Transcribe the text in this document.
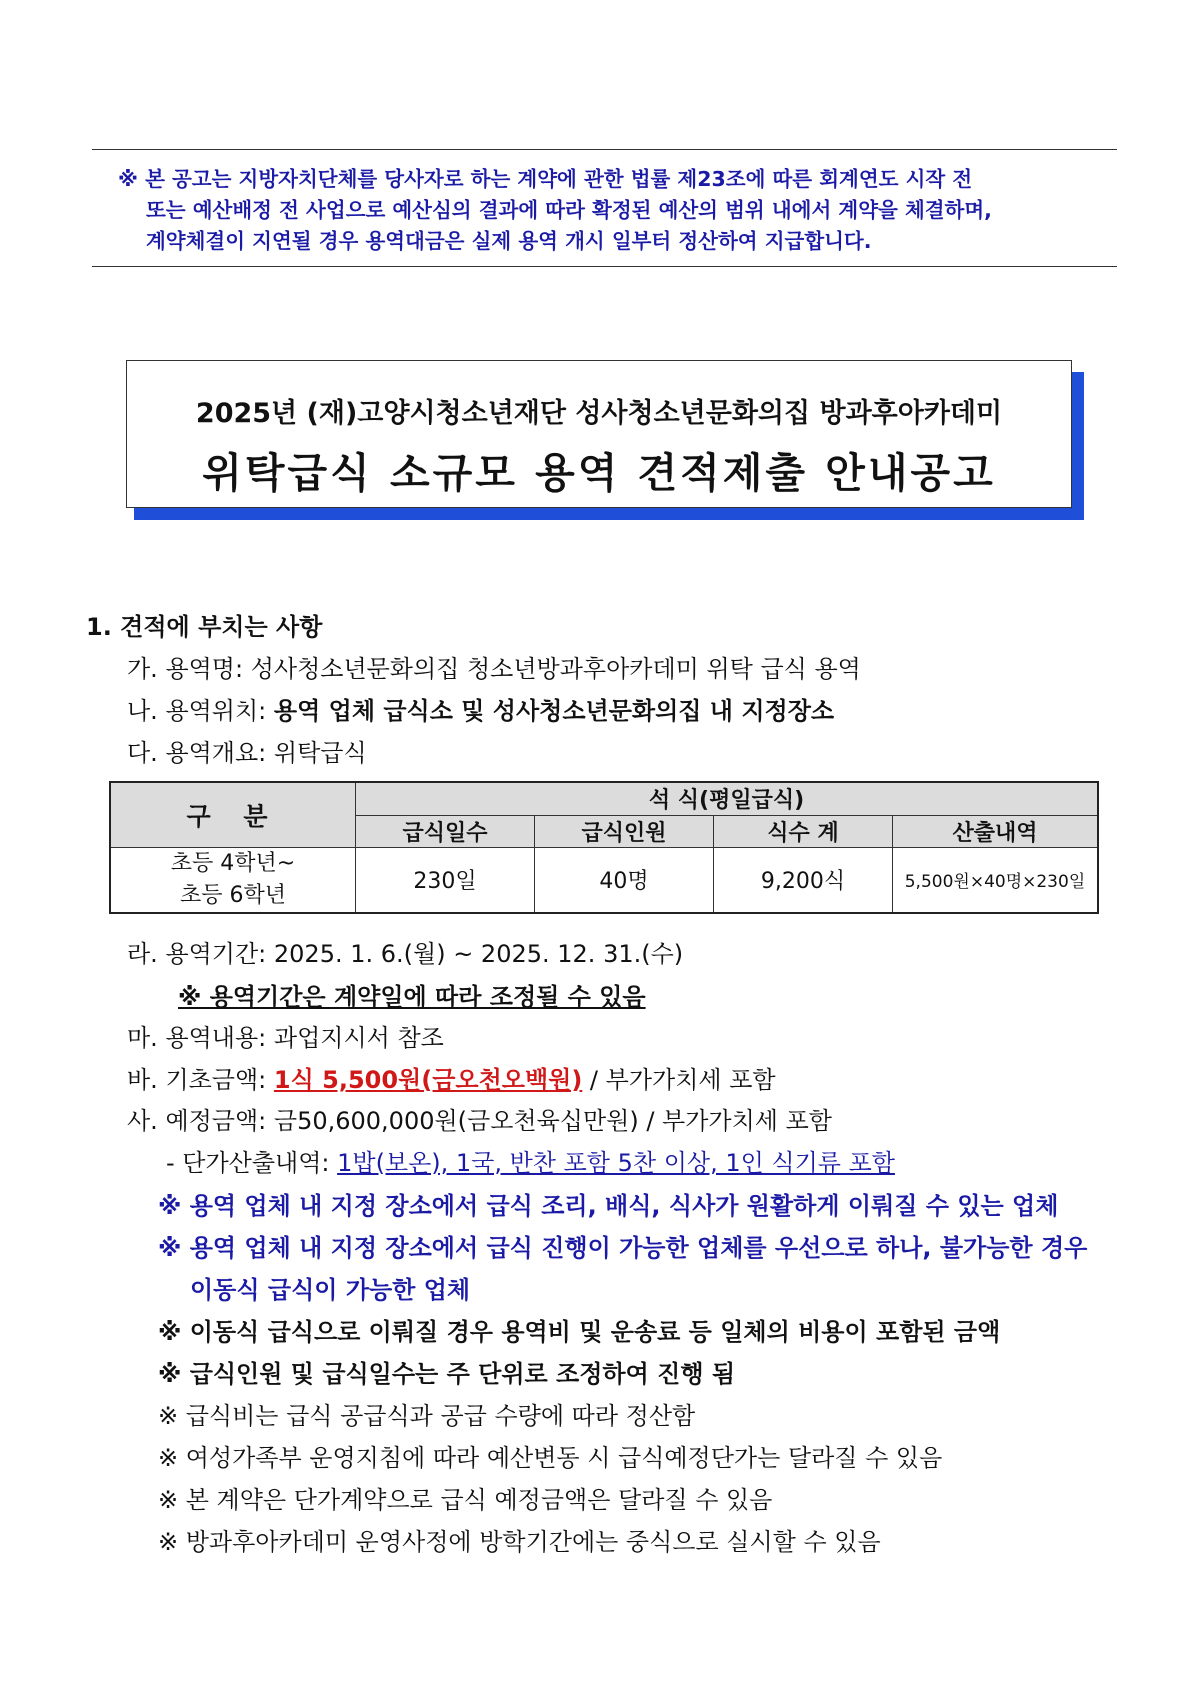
※ 본 공고는 지방자치단체를 당사자로 하는 계약에 관한 법률 제23조에 따른 회계연도 시작 전
또는 예산배정 전 사업으로 예산심의 결과에 따라 확정된 예산의 범위 내에서 계약을 체결하며,
계약체결이 지연될 경우 용역대금은 실제 용역 개시 일부터 정산하여 지급합니다.
2025년 (재)고양시청소년재단 성사청소년문화의집 방과후아카데미
위탁급식 소규모 용역 견적제출 안내공고
1. 견적에 부치는 사항
가. 용역명: 성사청소년문화의집 청소년방과후아카데미 위탁 급식 용역
나. 용역위치: 용역 업체 급식소 및 성사청소년문화의집 내 지정장소
다. 용역개요: 위탁급식
구 분	석 식(평일급식)			
	급식일수	급식인원	식수 계	산출내역

초등 4학년~
초등 6학년	230일	40명	9,200식	5,500원×40명×230일
라. 용역기간: 2025. 1. 6.(월) ~ 2025. 12. 31.(수)
※ 용역기간은 계약일에 따라 조정될 수 있음
마. 용역내용: 과업지시서 참조
바. 기초금액: 1식 5,500원(금오천오백원) / 부가가치세 포함
사. 예정금액: 금50,600,000원(금오천육십만원) / 부가가치세 포함
- 단가산출내역: 1밥(보온), 1국, 반찬 포함 5찬 이상, 1인 식기류 포함
※ 용역 업체 내 지정 장소에서 급식 조리, 배식, 식사가 원활하게 이뤄질 수 있는 업체
※ 용역 업체 내 지정 장소에서 급식 진행이 가능한 업체를 우선으로 하나, 불가능한 경우
이동식 급식이 가능한 업체
※ 이동식 급식으로 이뤄질 경우 용역비 및 운송료 등 일체의 비용이 포함된 금액
※ 급식인원 및 급식일수는 주 단위로 조정하여 진행 됨
※ 급식비는 급식 공급식과 공급 수량에 따라 정산함
※ 여성가족부 운영지침에 따라 예산변동 시 급식예정단가는 달라질 수 있음
※ 본 계약은 단가계약으로 급식 예정금액은 달라질 수 있음
※ 방과후아카데미 운영사정에 방학기간에는 중식으로 실시할 수 있음
